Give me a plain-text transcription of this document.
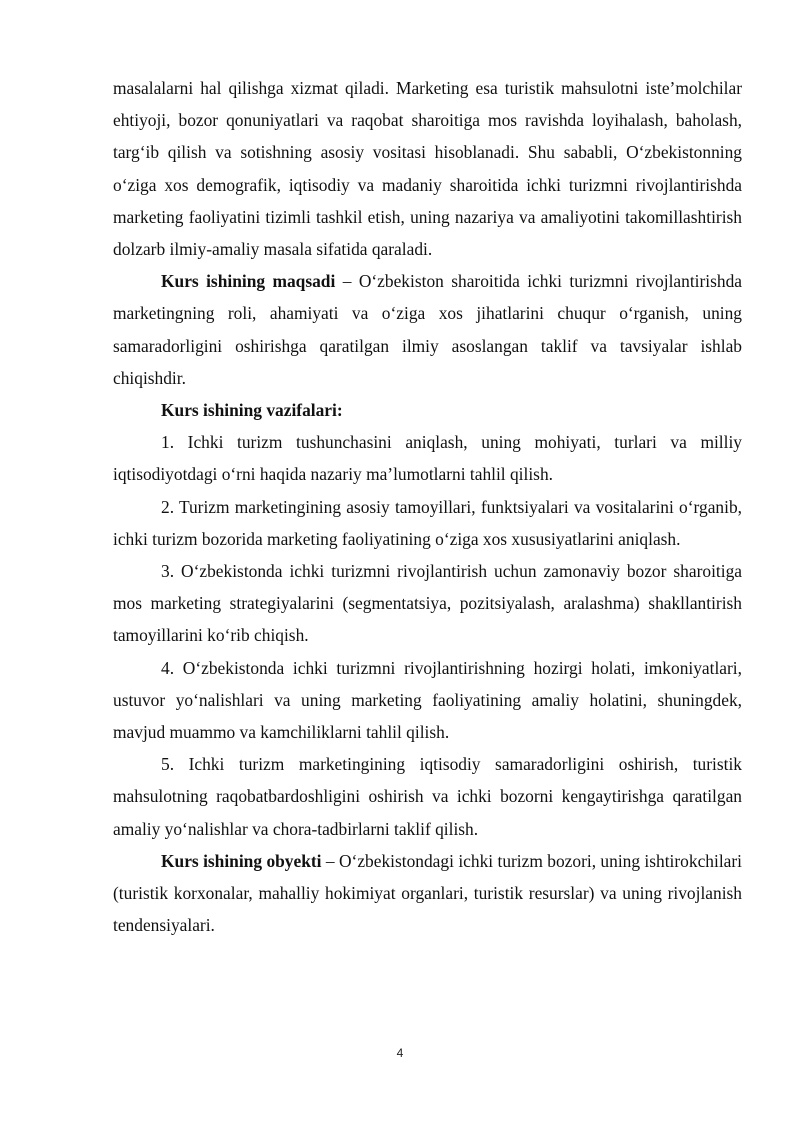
masalalarni hal qilishga xizmat qiladi. Marketing esa turistik mahsulotni iste’molchilar ehtiyoji, bozor qonuniyatlari va raqobat sharoitiga mos ravishda loyihalash, baholash, targ‘ib qilish va sotishning asosiy vositasi hisoblanadi. Shu sababli, O‘zbekistonning o‘ziga xos demografik, iqtisodiy va madaniy sharoitida ichki turizmni rivojlantirishda marketing faoliyatini tizimli tashkil etish, uning nazariya va amaliyotini takomillashtirish dolzarb ilmiy-amaliy masala sifatida qaraladi.

Kurs ishining maqsadi – O‘zbekiston sharoitida ichki turizmni rivojlantirishda marketingning roli, ahamiyati va o‘ziga xos jihatlarini chuqur o‘rganish, uning samaradorligini oshirishga qaratilgan ilmiy asoslangan taklif va tavsiyalar ishlab chiqishdir.

Kurs ishining vazifalari:

1. Ichki turizm tushunchasini aniqlash, uning mohiyati, turlari va milliy iqtisodiyotdagi o‘rni haqida nazariy ma’lumotlarni tahlil qilish.

2. Turizm marketingining asosiy tamoyillari, funktsiyalari va vositalarini o‘rganib, ichki turizm bozorida marketing faoliyatining o‘ziga xos xususiyatlarini aniqlash.

3. O‘zbekistonda ichki turizmni rivojlantirish uchun zamonaviy bozor sharoitiga mos marketing strategiyalarini (segmentatsiya, pozitsiyalash, aralashma) shakllantirish tamoyillarini ko‘rib chiqish.

4. O‘zbekistonda ichki turizmni rivojlantirishning hozirgi holati, imkoniyatlari, ustuvor yo‘nalishlari va uning marketing faoliyatining amaliy holatini, shuningdek, mavjud muammo va kamchiliklarni tahlil qilish.

5. Ichki turizm marketingining iqtisodiy samaradorligini oshirish, turistik mahsulotning raqobatbardoshligini oshirish va ichki bozorni kengaytirishga qaratilgan amaliy yo‘nalishlar va chora-tadbirlarni taklif qilish.

Kurs ishining obyekti – O‘zbekistondagi ichki turizm bozori, uning ishtirokchilari (turistik korxonalar, mahalliy hokimiyat organlari, turistik resurslar) va uning rivojlanish tendensiyalari.

4
